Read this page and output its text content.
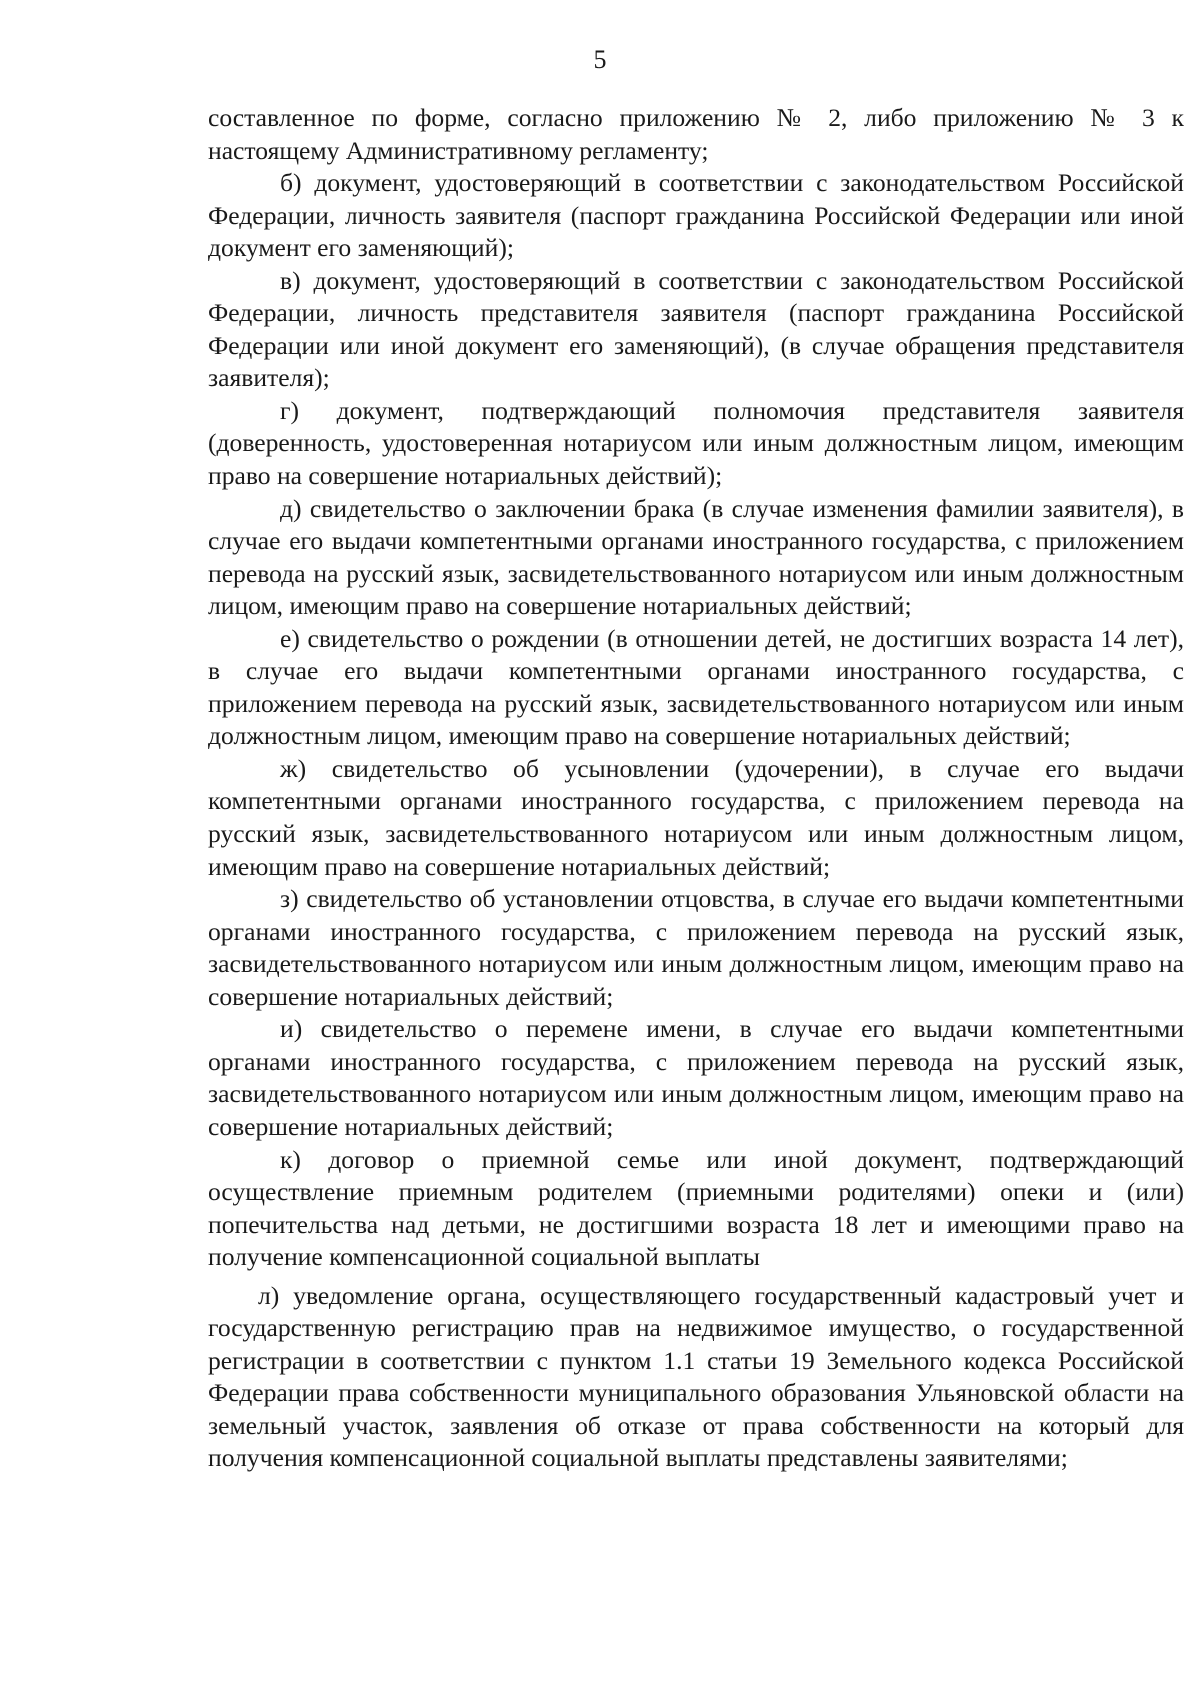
5

составленное по форме, согласно приложению № 2, либо приложению № 3 к настоящему Административному регламенту;

б) документ, удостоверяющий в соответствии с законодательством Российской Федерации, личность заявителя (паспорт гражданина Российской Федерации или иной документ его заменяющий);

в) документ, удостоверяющий в соответствии с законодательством Российской Федерации, личность представителя заявителя (паспорт гражданина Российской Федерации или иной документ его заменяющий), (в случае обращения представителя заявителя);

г) документ, подтверждающий полномочия представителя заявителя (доверенность, удостоверенная нотариусом или иным должностным лицом, имеющим право на совершение нотариальных действий);

д) свидетельство о заключении брака (в случае изменения фамилии заявителя), в случае его выдачи компетентными органами иностранного государства, с приложением перевода на русский язык, засвидетельствованного нотариусом или иным должностным лицом, имеющим право на совершение нотариальных действий;

е) свидетельство о рождении (в отношении детей, не достигших возраста 14 лет), в случае его выдачи компетентными органами иностранного государства, с приложением перевода на русский язык, засвидетельствованного нотариусом или иным должностным лицом, имеющим право на совершение нотариальных действий;

ж) свидетельство об усыновлении (удочерении), в случае его выдачи компетентными органами иностранного государства, с приложением перевода на русский язык, засвидетельствованного нотариусом или иным должностным лицом, имеющим право на совершение нотариальных действий;

з) свидетельство об установлении отцовства, в случае его выдачи компетентными органами иностранного государства, с приложением перевода на русский язык, засвидетельствованного нотариусом или иным должностным лицом, имеющим право на совершение нотариальных действий;

и) свидетельство о перемене имени, в случае его выдачи компетентными органами иностранного государства, с приложением перевода на русский язык, засвидетельствованного нотариусом или иным должностным лицом, имеющим право на совершение нотариальных действий;

к) договор о приемной семье или иной документ, подтверждающий осуществление приемным родителем (приемными родителями) опеки и (или) попечительства над детьми, не достигшими возраста 18 лет и имеющими право на получение компенсационной социальной выплаты

л) уведомление органа, осуществляющего государственный кадастровый учет и государственную регистрацию прав на недвижимое имущество, о государственной регистрации в соответствии с пунктом 1.1 статьи 19 Земельного кодекса Российской Федерации права собственности муниципального образования Ульяновской области на земельный участок, заявления об отказе от права собственности на который для получения компенсационной социальной выплаты представлены заявителями;
